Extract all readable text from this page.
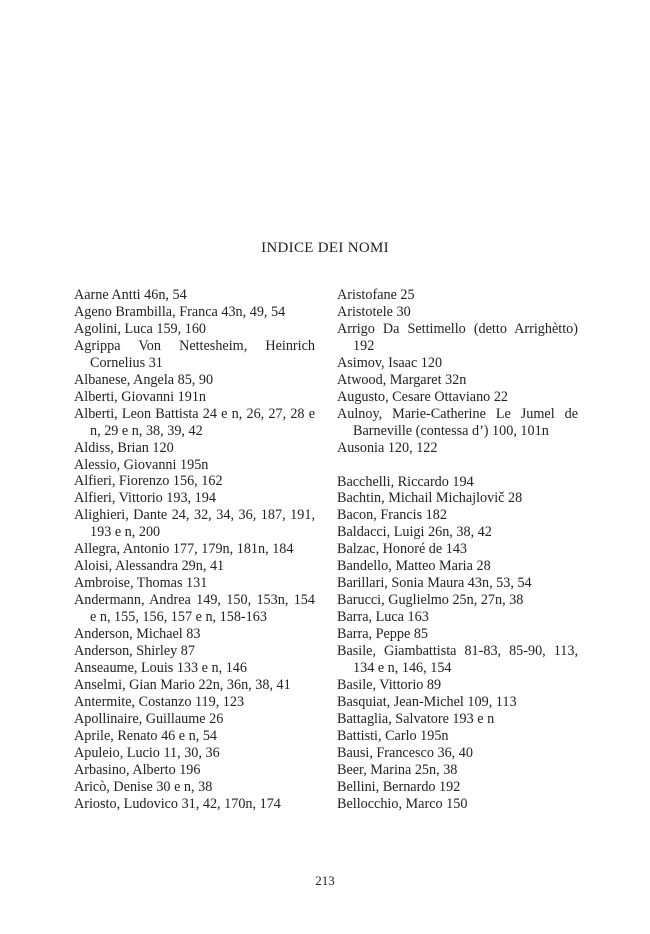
INDICE DEI NOMI

Aarne Antti 46n, 54

Ageno Brambilla, Franca 43n, 49, 54

Agolini, Luca 159, 160

Agrippa Von Nettesheim, Heinrich Cornelius 31

Albanese, Angela 85, 90

Alberti, Giovanni 191n

Alberti, Leon Battista 24 e n, 26, 27, 28 e n, 29 e n, 38, 39, 42

Aldiss, Brian 120

Alessio, Giovanni 195n

Alfieri, Fiorenzo 156, 162

Alfieri, Vittorio 193, 194

Alighieri, Dante 24, 32, 34, 36, 187, 191, 193 e n, 200

Allegra, Antonio 177, 179n, 181n, 184

Aloisi, Alessandra 29n, 41

Ambroise, Thomas 131

Andermann, Andrea 149, 150, 153n, 154 e n, 155, 156, 157 e n, 158-163

Anderson, Michael 83

Anderson, Shirley 87

Anseaume, Louis 133 e n, 146

Anselmi, Gian Mario 22n, 36n, 38, 41

Antermite, Costanzo 119, 123

Apollinaire, Guillaume 26

Aprile, Renato 46 e n, 54

Apuleio, Lucio 11, 30, 36

Arbasino, Alberto 196

Aricò, Denise 30 e n, 38

Ariosto, Ludovico 31, 42, 170n, 174

Aristofane 25

Aristotele 30

Arrigo Da Settimello (detto Arrighètto) 192

Asimov, Isaac 120

Atwood, Margaret 32n

Augusto, Cesare Ottaviano 22

Aulnoy, Marie-Catherine Le Jumel de Barneville (contessa d’) 100, 101n

Ausonia 120, 122

Bacchelli, Riccardo 194

Bachtin, Michail Michajlovič 28

Bacon, Francis 182

Baldacci, Luigi 26n, 38, 42

Balzac, Honoré de 143

Bandello, Matteo Maria 28

Barillari, Sonia Maura 43n, 53, 54

Barucci, Guglielmo 25n, 27n, 38

Barra, Luca 163

Barra, Peppe 85

Basile, Giambattista 81-83, 85-90, 113, 134 e n, 146, 154

Basile, Vittorio 89

Basquiat, Jean-Michel 109, 113

Battaglia, Salvatore 193 e n

Battisti, Carlo 195n

Bausi, Francesco 36, 40

Beer, Marina 25n, 38

Bellini, Bernardo 192

Bellocchio, Marco 150

213
